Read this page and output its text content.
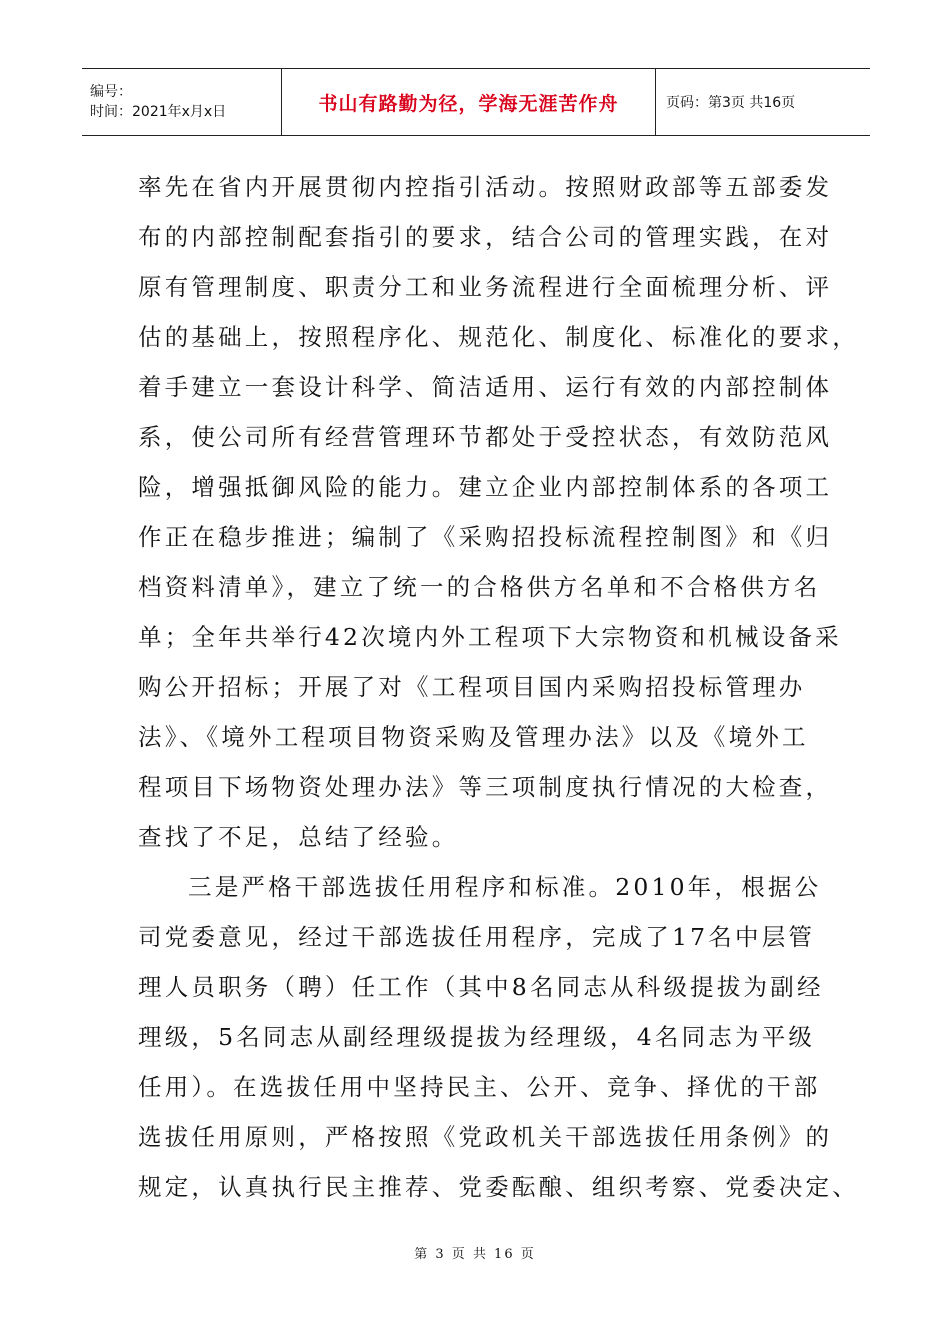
编号：
时间： 2021年x月x日	书山有路勤为径，学海无涯苦作舟	页码： 第3页 共16页
率先在省内开展贯彻内控指引活动。按照财政部等五部委发
布的内部控制配套指引的要求，结合公司的管理实践，在对
原有管理制度、职责分工和业务流程进行全面梳理分析、评
估的基础上，按照程序化、规范化、制度化、标准化的要求，
着手建立一套设计科学、简洁适用、运行有效的内部控制体
系，使公司所有经营管理环节都处于受控状态，有效防范风
险，增强抵御风险的能力。建立企业内部控制体系的各项工
作正在稳步推进；编制了《采购招投标流程控制图》和《归
档资料清单》，建立了统一的合格供方名单和不合格供方名
单；全年共举行42次境内外工程项下大宗物资和机械设备采
购公开招标；开展了对《工程项目国内采购招投标管理办
法》、《境外工程项目物资采购及管理办法》以及《境外工
程项目下场物资处理办法》等三项制度执行情况的大检查，
查找了不足，总结了经验。
三是严格干部选拔任用程序和标准。2010年，根据公
司党委意见，经过干部选拔任用程序，完成了17名中层管
理人员职务（聘）任工作（其中8名同志从科级提拔为副经
理级，5名同志从副经理级提拔为经理级，4名同志为平级
任用）。在选拔任用中坚持民主、公开、竞争、择优的干部
选拔任用原则，严格按照《党政机关干部选拔任用条例》的
规定，认真执行民主推荐、党委酝酿、组织考察、党委决定、
第 3 页 共 16 页
